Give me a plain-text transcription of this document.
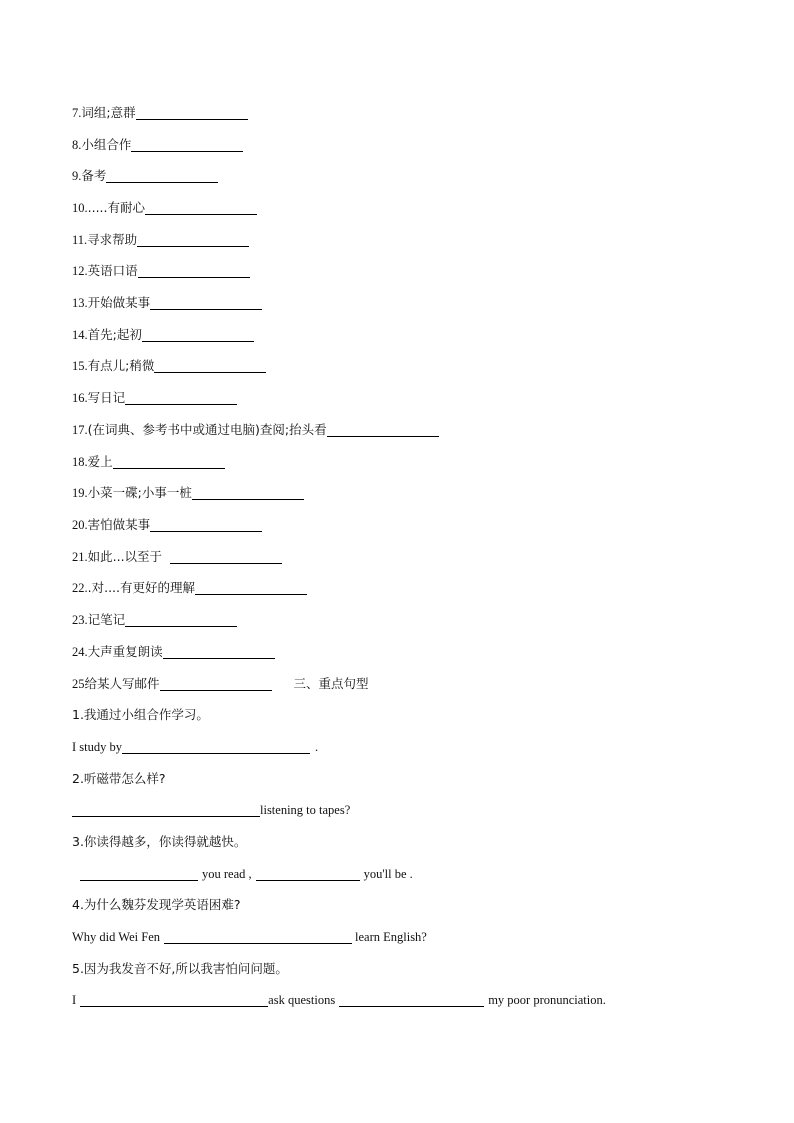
7. 词组;意群
8. 小组合作
9. 备考
10. .....有耐心
11. 寻求帮助
12. 英语口语
13. 开始做某事
14. 首先;起初
15. 有点儿;稍微
16. 写日记
17. (在词典、参考书中或通过电脑)查阅;抬头看
18. 爱上
19. 小菜一碟;小事一桩
20. 害怕做某事
21. 如此...以至于
22. .对....有更好的理解
23. 记笔记
24. 大声重复朗读
25 给某人写邮件	三、重点句型
1.我通过小组合作学习。
I study by	.
2.听磁带怎么样?
listening to tapes?
3.你读得越多，你读得就越快。
you read ,	you'll be .
4.为什么魏芬发现学英语困难?
Why did Wei Fen	learn English?
5.因为我发音不好,所以我害怕问问题。
I	ask questions	my poor pronunciation.
